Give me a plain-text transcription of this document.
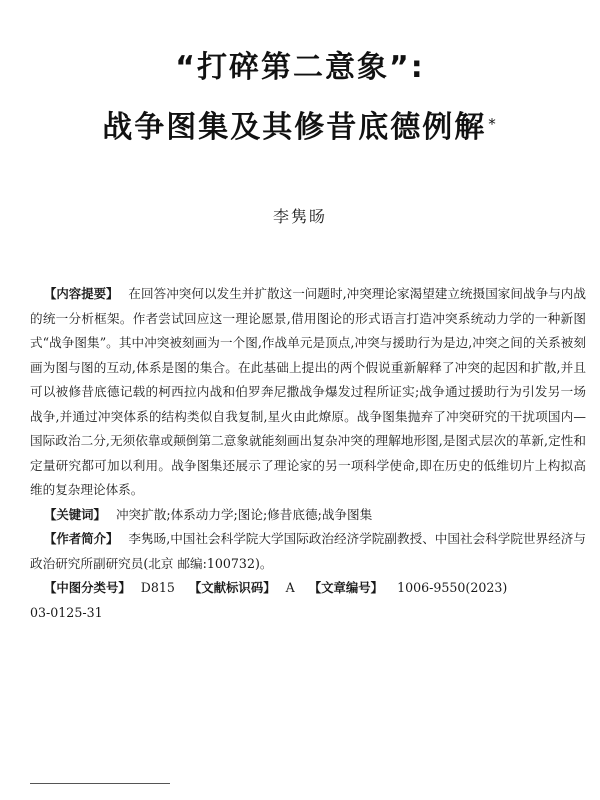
“打碎第二意象”:
战争图集及其修昔底德例解 *
李隽旸

【内容提要】 在回答冲突何以发生并扩散这一问题时,冲突理论家渴望建立统摄国家间战争与内战的统一分析框架。作者尝试回应这一理论愿景,借用图论的形式语言打造冲突系统动力学的一种新图式“战争图集”。其中冲突被刻画为一个图,作战单元是顶点,冲突与援助行为是边,冲突之间的关系被刻画为图与图的互动,体系是图的集合。在此基础上提出的两个假说重新解释了冲突的起因和扩散,并且可以被修昔底德记载的柯西拉内战和伯罗奔尼撒战争爆发过程所证实;战争通过援助行为引发另一场战争,并通过冲突体系的结构类似自我复制,星火由此燎原。战争图集抛弃了冲突研究的干扰项国内—国际政治二分,无须依靠或颠倒第二意象就能刻画出复杂冲突的理解地形图,是图式层次的革新,定性和定量研究都可加以利用。战争图集还展示了理论家的另一项科学使命,即在历史的低维切片上构拟高维的复杂理论体系。

【关键词】 冲突扩散;体系动力学;图论;修昔底德;战争图集

【作者简介】 李隽旸,中国社会科学院大学国际政治经济学院副教授、中国社会科学院世界经济与政治研究所副研究员(北京 邮编:100732)。

【中图分类号】 D815 【文献标识码】 A 【文章编号】 1006-9550(2023)

03-0125-31
